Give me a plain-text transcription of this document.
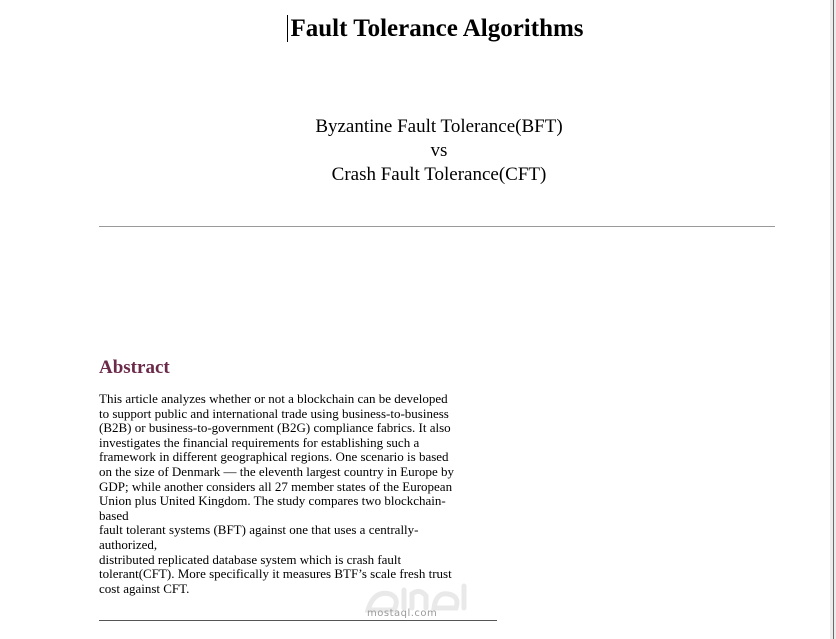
Fault Tolerance Algorithms
Byzantine Fault Tolerance(BFT)
vs
Crash Fault Tolerance(CFT)
Abstract
This article analyzes whether or not a blockchain can be developed
to support public and international trade using business-to-business
(B2B) or business-to-government (B2G) compliance fabrics. It also
investigates the financial requirements for establishing such a
framework in different geographical regions. One scenario is based
on the size of Denmark — the eleventh largest country in Europe by
GDP; while another considers all 27 member states of the European
Union plus United Kingdom. The study compares two blockchain-
based
fault tolerant systems (BFT) against one that uses a centrally-
authorized,
distributed replicated database system which is crash fault
tolerant(CFT). More specifically it measures BTF’s scale fresh trust
cost against CFT.
mostaql.com
